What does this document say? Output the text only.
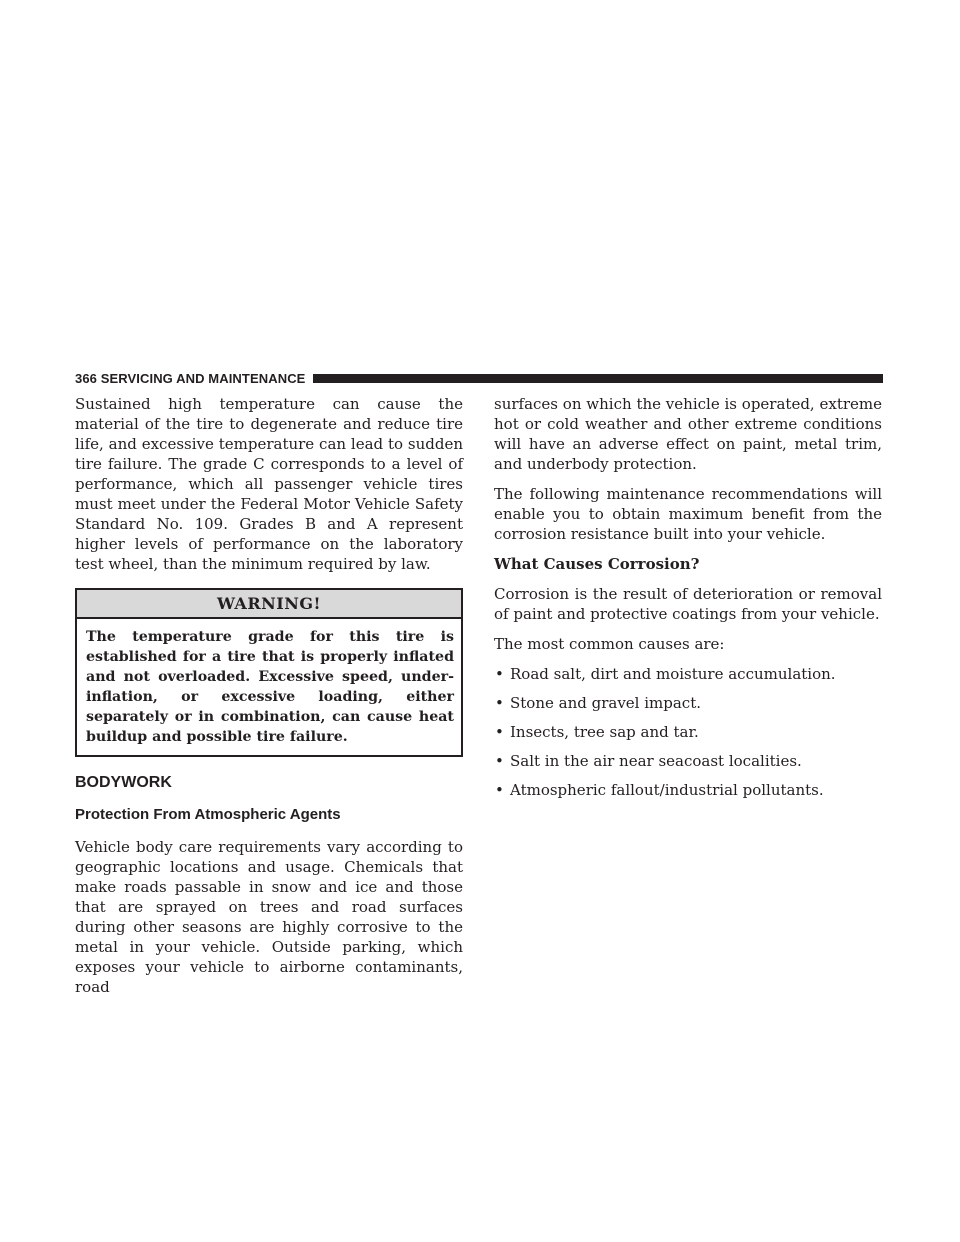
366 SERVICING AND MAINTENANCE

Sustained high temperature can cause the material of the tire to degenerate and reduce tire life, and excessive temperature can lead to sudden tire failure. The grade C corresponds to a level of performance, which all passenger vehicle tires must meet under the Federal Motor Vehicle Safety Standard No. 109. Grades B and A represent higher levels of performance on the laboratory test wheel, than the minimum required by law.

WARNING!
The temperature grade for this tire is established for a tire that is properly inflated and not overloaded. Excessive speed, under-inflation, or excessive loading, either separately or in combination, can cause heat buildup and possible tire failure.
BODYWORK
Protection From Atmospheric Agents

Vehicle body care requirements vary according to geographic locations and usage. Chemicals that make roads passable in snow and ice and those that are sprayed on trees and road surfaces during other seasons are highly corrosive to the metal in your vehicle. Outside parking, which exposes your vehicle to airborne contaminants, road

surfaces on which the vehicle is operated, extreme hot or cold weather and other extreme conditions will have an adverse effect on paint, metal trim, and underbody protection.

The following maintenance recommendations will enable you to obtain maximum benefit from the corrosion resistance built into your vehicle.

What Causes Corrosion?

Corrosion is the result of deterioration or removal of paint and protective coatings from your vehicle.

The most common causes are:

• Road salt, dirt and moisture accumulation.
• Stone and gravel impact.
• Insects, tree sap and tar.
• Salt in the air near seacoast localities.
• Atmospheric fallout/industrial pollutants.
